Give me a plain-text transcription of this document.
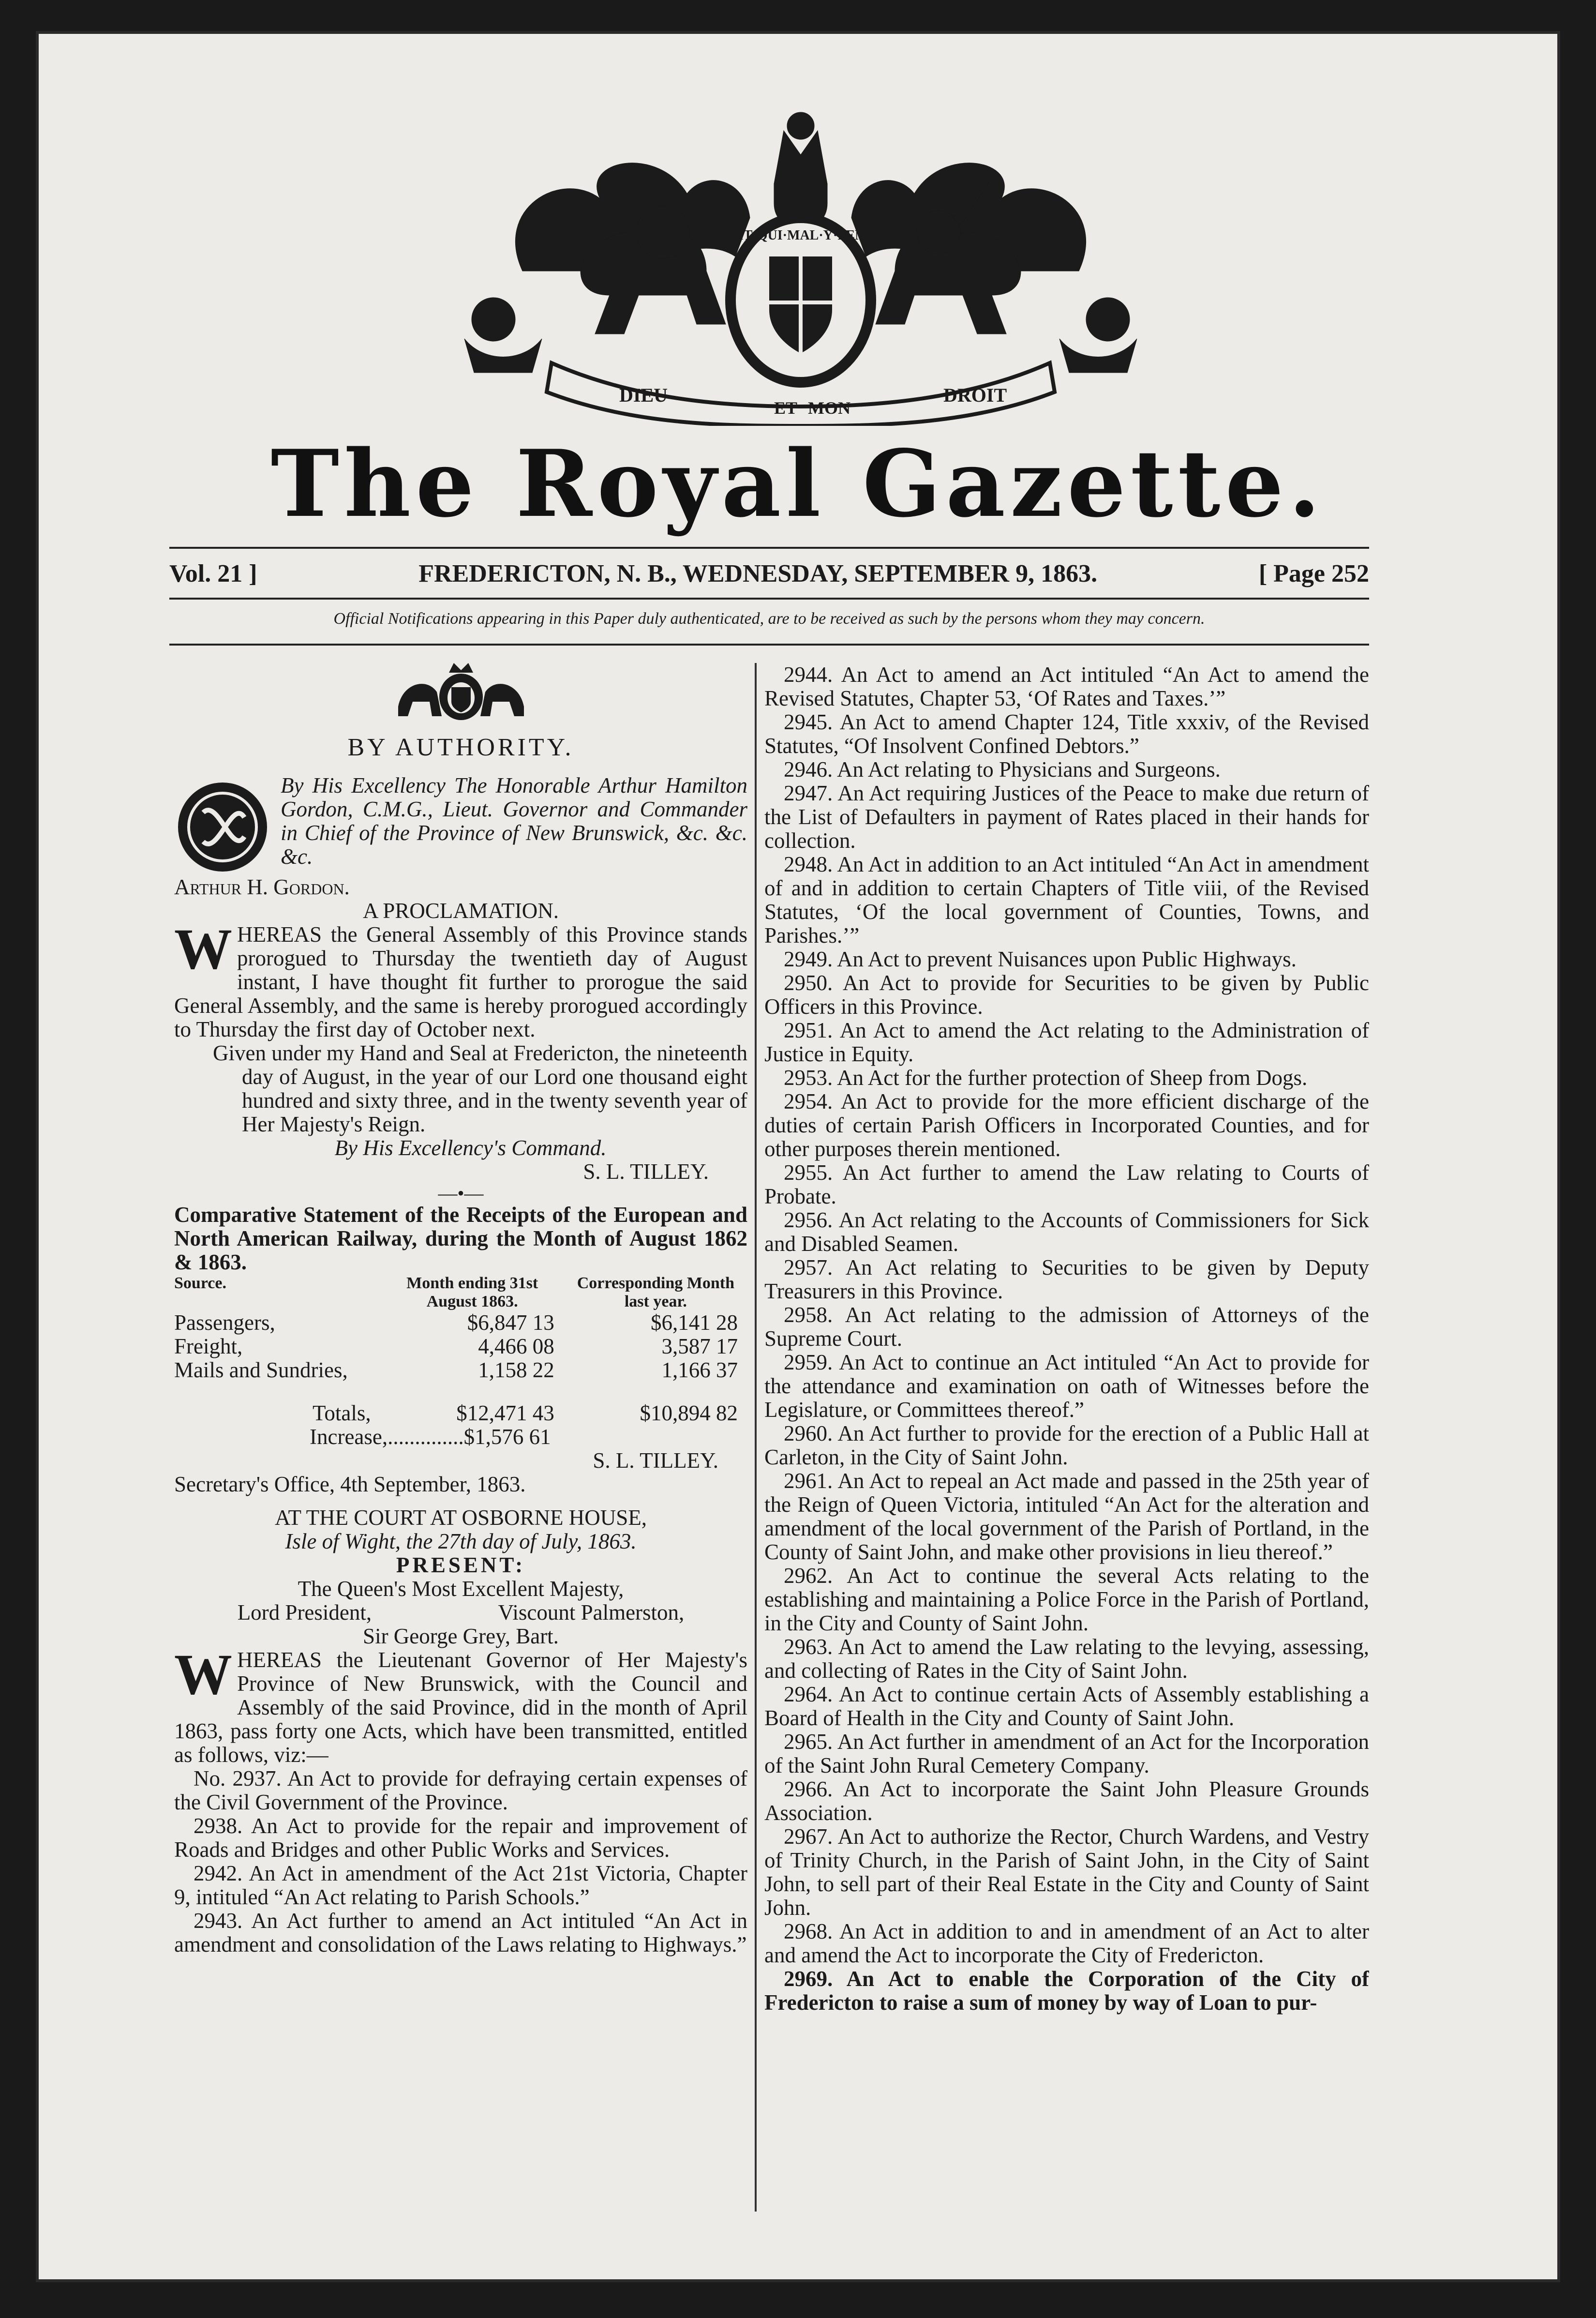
SOIT·QUI·MAL·Y·PENSE
DIEU
ET MON
DROIT
The Royal Gazette.
Vol. 21 ]	FREDERICTON, N. B., WEDNESDAY, SEPTEMBER 9, 1863.	[ Page 252
Official Notifications appearing in this Paper duly authenticated, are to be received as such by the persons whom they may concern.
BY AUTHORITY.

By His Excellency The Honorable Arthur Hamilton Gordon, C.M.G., Lieut. Governor and Commander in Chief of the Province of New Brunswick, &c. &c. &c.

Arthur H. Gordon.

A PROCLAMATION.

WHEREAS the General Assembly of this Province stands prorogued to Thursday the twentieth day of August instant, I have thought fit further to prorogue the said General Assembly, and the same is hereby prorogued accordingly to Thursday the first day of October next.

Given under my Hand and Seal at Fredericton, the nineteenth day of August, in the year of our Lord one thousand eight hundred and sixty three, and in the twenty seventh year of Her Majesty's Reign.

By His Excellency's Command.

S. L. TILLEY.

—•—

Comparative Statement of the Receipts of the European and North American Railway, during the Month of August 1862 & 1863.

Source.	Month ending 31st August 1863.	Corresponding Month last year.
Passengers,	$6,847 13	$6,141 28
Freight,	4,466 08	3,587 17
Mails and Sundries,	1,158 22	1,166 37
Totals,	$12,471 43	$10,894 82

Increase,..............$1,576 61

S. L. TILLEY.

Secretary's Office, 4th September, 1863.

AT THE COURT AT OSBORNE HOUSE,

Isle of Wight, the 27th day of July, 1863.

PRESENT:

The Queen's Most Excellent Majesty,

Lord President,	Viscount Palmerston,

Sir George Grey, Bart.

WHEREAS the Lieutenant Governor of Her Majesty's Province of New Brunswick, with the Council and Assembly of the said Province, did in the month of April 1863, pass forty one Acts, which have been transmitted, entitled as follows, viz:—

No. 2937. An Act to provide for defraying certain expenses of the Civil Government of the Province.

2938. An Act to provide for the repair and improvement of Roads and Bridges and other Public Works and Services.

2942. An Act in amendment of the Act 21st Victoria, Chapter 9, intituled “An Act relating to Parish Schools.”

2943. An Act further to amend an Act intituled “An Act in amendment and consolidation of the Laws relating to Highways.”

2944. An Act to amend an Act intituled “An Act to amend the Revised Statutes, Chapter 53, ‘Of Rates and Taxes.’”

2945. An Act to amend Chapter 124, Title xxxiv, of the Revised Statutes, “Of Insolvent Confined Debtors.”

2946. An Act relating to Physicians and Surgeons.

2947. An Act requiring Justices of the Peace to make due return of the List of Defaulters in payment of Rates placed in their hands for collection.

2948. An Act in addition to an Act intituled “An Act in amendment of and in addition to certain Chapters of Title viii, of the Revised Statutes, ‘Of the local government of Counties, Towns, and Parishes.’”

2949. An Act to prevent Nuisances upon Public Highways.

2950. An Act to provide for Securities to be given by Public Officers in this Province.

2951. An Act to amend the Act relating to the Administration of Justice in Equity.

2953. An Act for the further protection of Sheep from Dogs.

2954. An Act to provide for the more efficient discharge of the duties of certain Parish Officers in Incorporated Counties, and for other purposes therein mentioned.

2955. An Act further to amend the Law relating to Courts of Probate.

2956. An Act relating to the Accounts of Commissioners for Sick and Disabled Seamen.

2957. An Act relating to Securities to be given by Deputy Treasurers in this Province.

2958. An Act relating to the admission of Attorneys of the Supreme Court.

2959. An Act to continue an Act intituled “An Act to provide for the attendance and examination on oath of Witnesses before the Legislature, or Committees thereof.”

2960. An Act further to provide for the erection of a Public Hall at Carleton, in the City of Saint John.

2961. An Act to repeal an Act made and passed in the 25th year of the Reign of Queen Victoria, intituled “An Act for the alteration and amendment of the local government of the Parish of Portland, in the County of Saint John, and make other provisions in lieu thereof.”

2962. An Act to continue the several Acts relating to the establishing and maintaining a Police Force in the Parish of Portland, in the City and County of Saint John.

2963. An Act to amend the Law relating to the levying, assessing, and collecting of Rates in the City of Saint John.

2964. An Act to continue certain Acts of Assembly establishing a Board of Health in the City and County of Saint John.

2965. An Act further in amendment of an Act for the Incorporation of the Saint John Rural Cemetery Company.

2966. An Act to incorporate the Saint John Pleasure Grounds Association.

2967. An Act to authorize the Rector, Church Wardens, and Vestry of Trinity Church, in the Parish of Saint John, in the City of Saint John, to sell part of their Real Estate in the City and County of Saint John.

2968. An Act in addition to and in amendment of an Act to alter and amend the Act to incorporate the City of Fredericton.

2969. An Act to enable the Corporation of the City of Fredericton to raise a sum of money by way of Loan to pur-
